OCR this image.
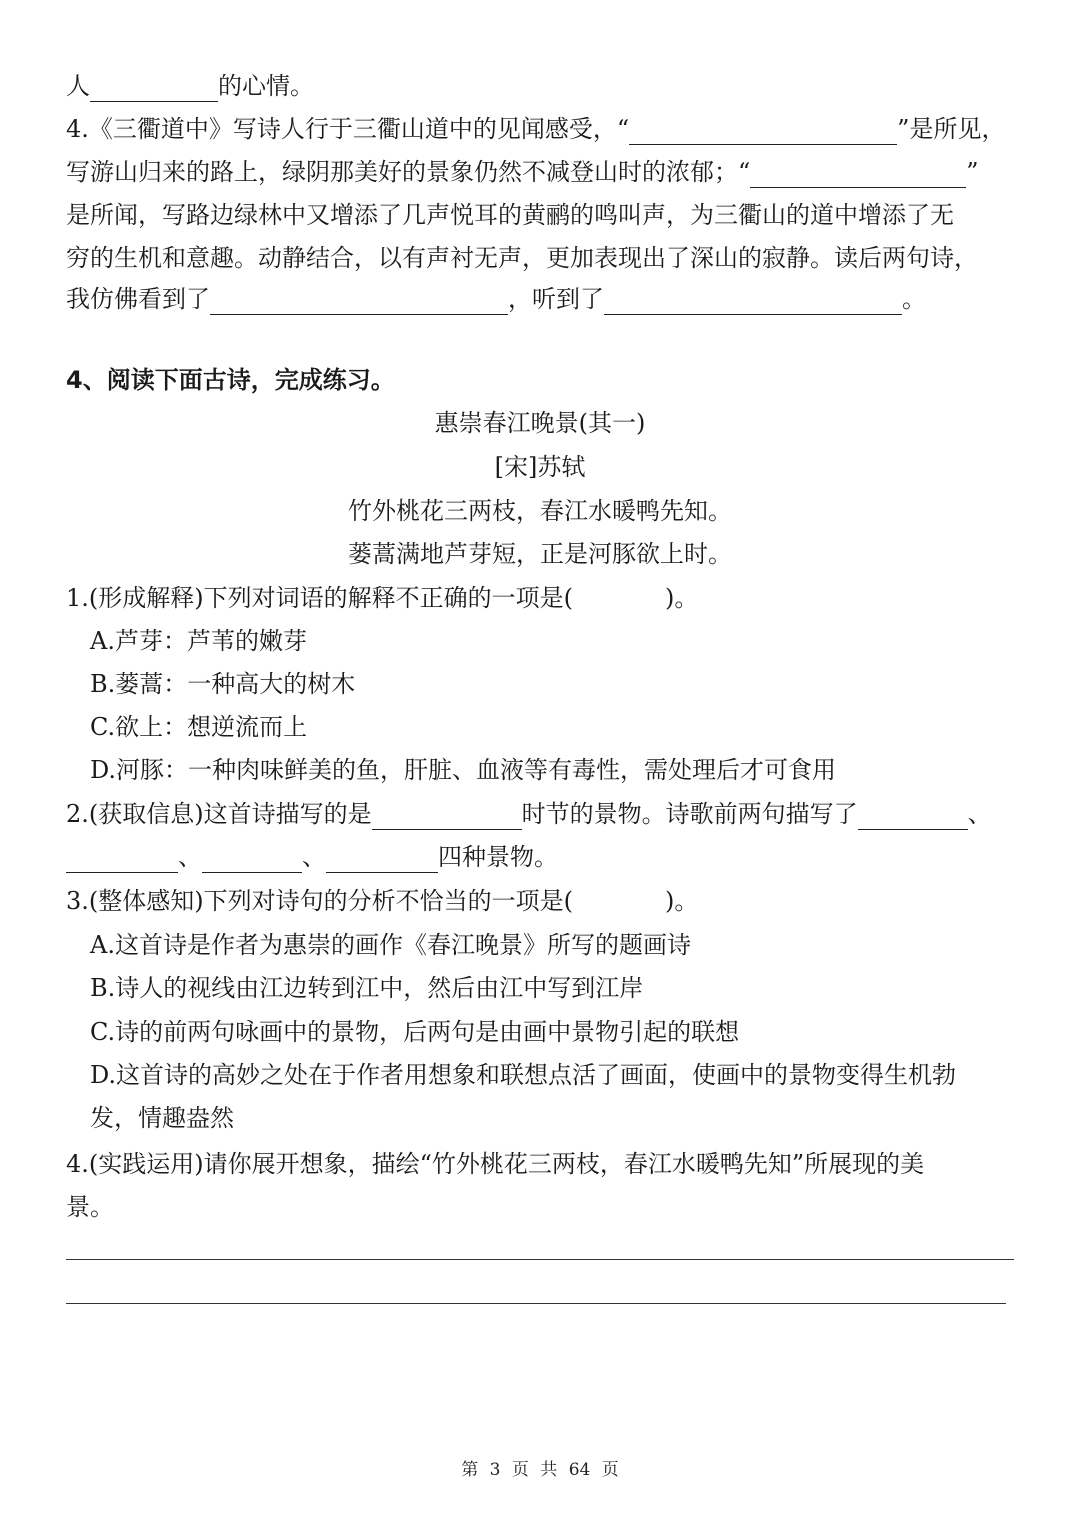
人	的心情。
4.《三衢道中》写诗人行于三衢山道中的见闻感受，“	”是所见，
写游山归来的路上，绿阴那美好的景象仍然不减登山时的浓郁；“	”
是所闻，写路边绿林中又增添了几声悦耳的黄鹂的鸣叫声，为三衢山的道中增添了无
穷的生机和意趣。动静结合，以有声衬无声，更加表现出了深山的寂静。读后两句诗，
我仿佛看到了	，听到了	。
4、阅读下面古诗，完成练习。
惠崇春江晚景(其一)
[宋]苏轼
竹外桃花三两枝，春江水暖鸭先知。
蒌蒿满地芦芽短，正是河豚欲上时。
1.(形成解释)下列对词语的解释不正确的一项是(	)。
A.芦芽：芦苇的嫩芽
B.蒌蒿：一种高大的树木
C.欲上：想逆流而上
D.河豚：一种肉味鲜美的鱼，肝脏、血液等有毒性，需处理后才可食用
2.(获取信息)这首诗描写的是	时节的景物。诗歌前两句描写了	、
、	、	四种景物。
3.(整体感知)下列对诗句的分析不恰当的一项是(	)。
A.这首诗是作者为惠崇的画作《春江晚景》所写的题画诗
B.诗人的视线由江边转到江中，然后由江中写到江岸
C.诗的前两句咏画中的景物，后两句是由画中景物引起的联想
D.这首诗的高妙之处在于作者用想象和联想点活了画面，使画中的景物变得生机勃
发，情趣盎然
4.(实践运用)请你展开想象，描绘“竹外桃花三两枝，春江水暖鸭先知”所展现的美
景。
第 3 页 共 64 页
